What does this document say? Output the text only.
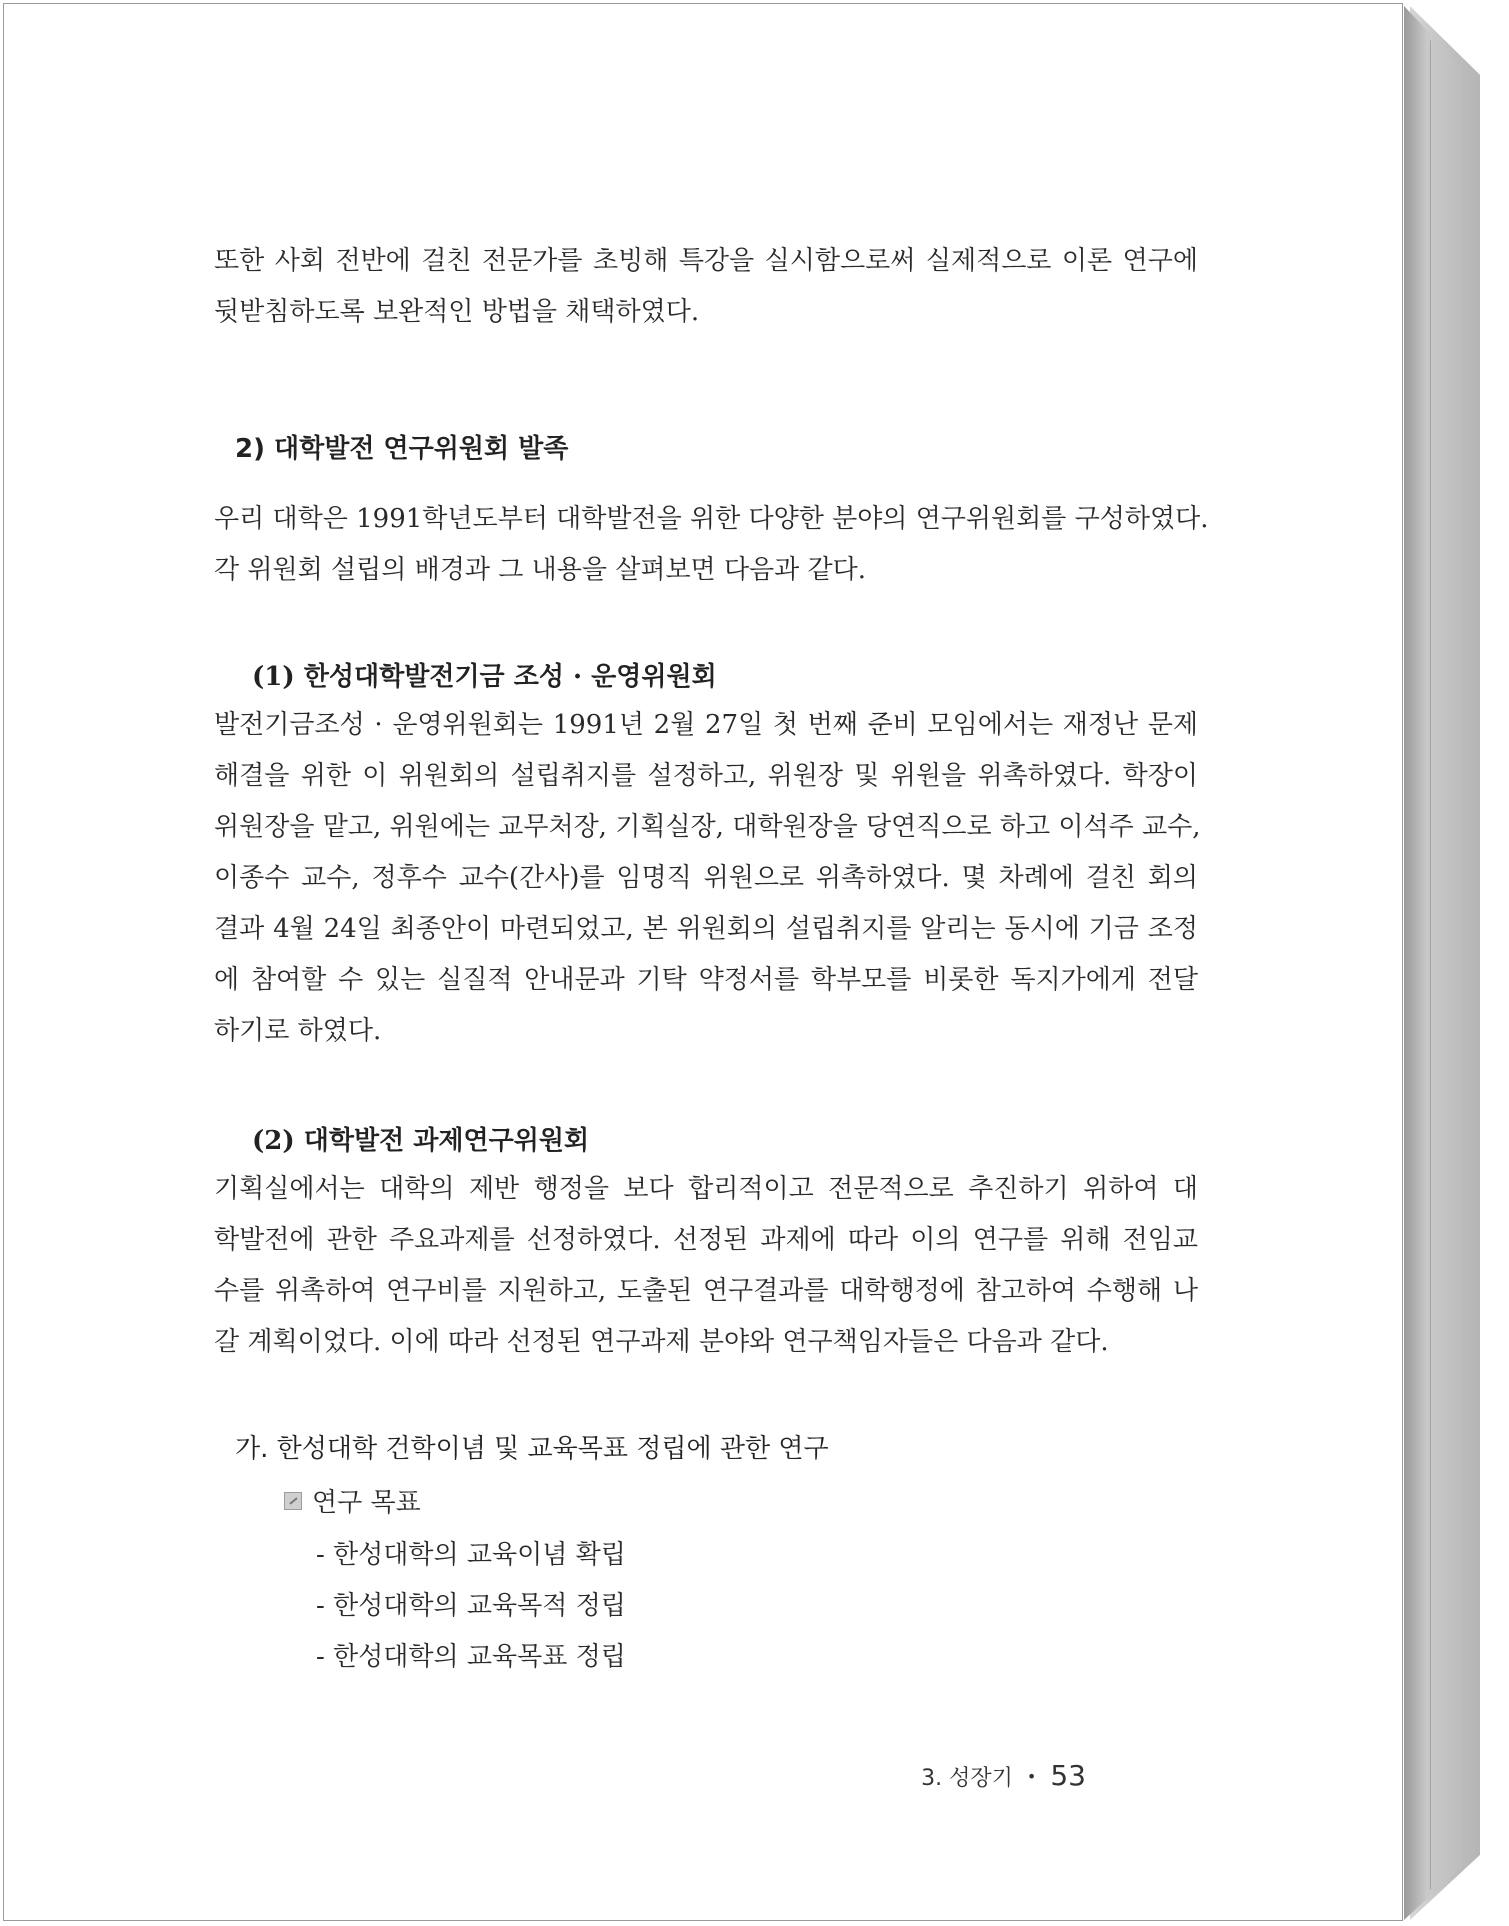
또한 사회 전반에 걸친 전문가를 초빙해 특강을 실시함으로써 실제적으로 이론 연구에
뒷받침하도록 보완적인 방법을 채택하였다.
2) 대학발전 연구위원회 발족
우리 대학은 1991학년도부터 대학발전을 위한 다양한 분야의 연구위원회를 구성하였다.
각 위원회 설립의 배경과 그 내용을 살펴보면 다음과 같다.
(1) 한성대학발전기금 조성 · 운영위원회
발전기금조성 · 운영위원회는 1991년 2월 27일 첫 번째 준비 모임에서는 재정난 문제
해결을 위한 이 위원회의 설립취지를 설정하고, 위원장 및 위원을 위촉하였다. 학장이
위원장을 맡고, 위원에는 교무처장, 기획실장, 대학원장을 당연직으로 하고 이석주 교수,
이종수 교수, 정후수 교수(간사)를 임명직 위원으로 위촉하였다. 몇 차례에 걸친 회의
결과 4월 24일 최종안이 마련되었고, 본 위원회의 설립취지를 알리는 동시에 기금 조정
에 참여할 수 있는 실질적 안내문과 기탁 약정서를 학부모를 비롯한 독지가에게 전달
하기로 하였다.
(2) 대학발전 과제연구위원회
기획실에서는 대학의 제반 행정을 보다 합리적이고 전문적으로 추진하기 위하여 대
학발전에 관한 주요과제를 선정하였다. 선정된 과제에 따라 이의 연구를 위해 전임교
수를 위촉하여 연구비를 지원하고, 도출된 연구결과를 대학행정에 참고하여 수행해 나
갈 계획이었다. 이에 따라 선정된 연구과제 분야와 연구책임자들은 다음과 같다.
가. 한성대학 건학이념 및 교육목표 정립에 관한 연구
연구 목표
- 한성대학의 교육이념 확립
- 한성대학의 교육목적 정립
- 한성대학의 교육목표 정립
3. 성장기 • 53
